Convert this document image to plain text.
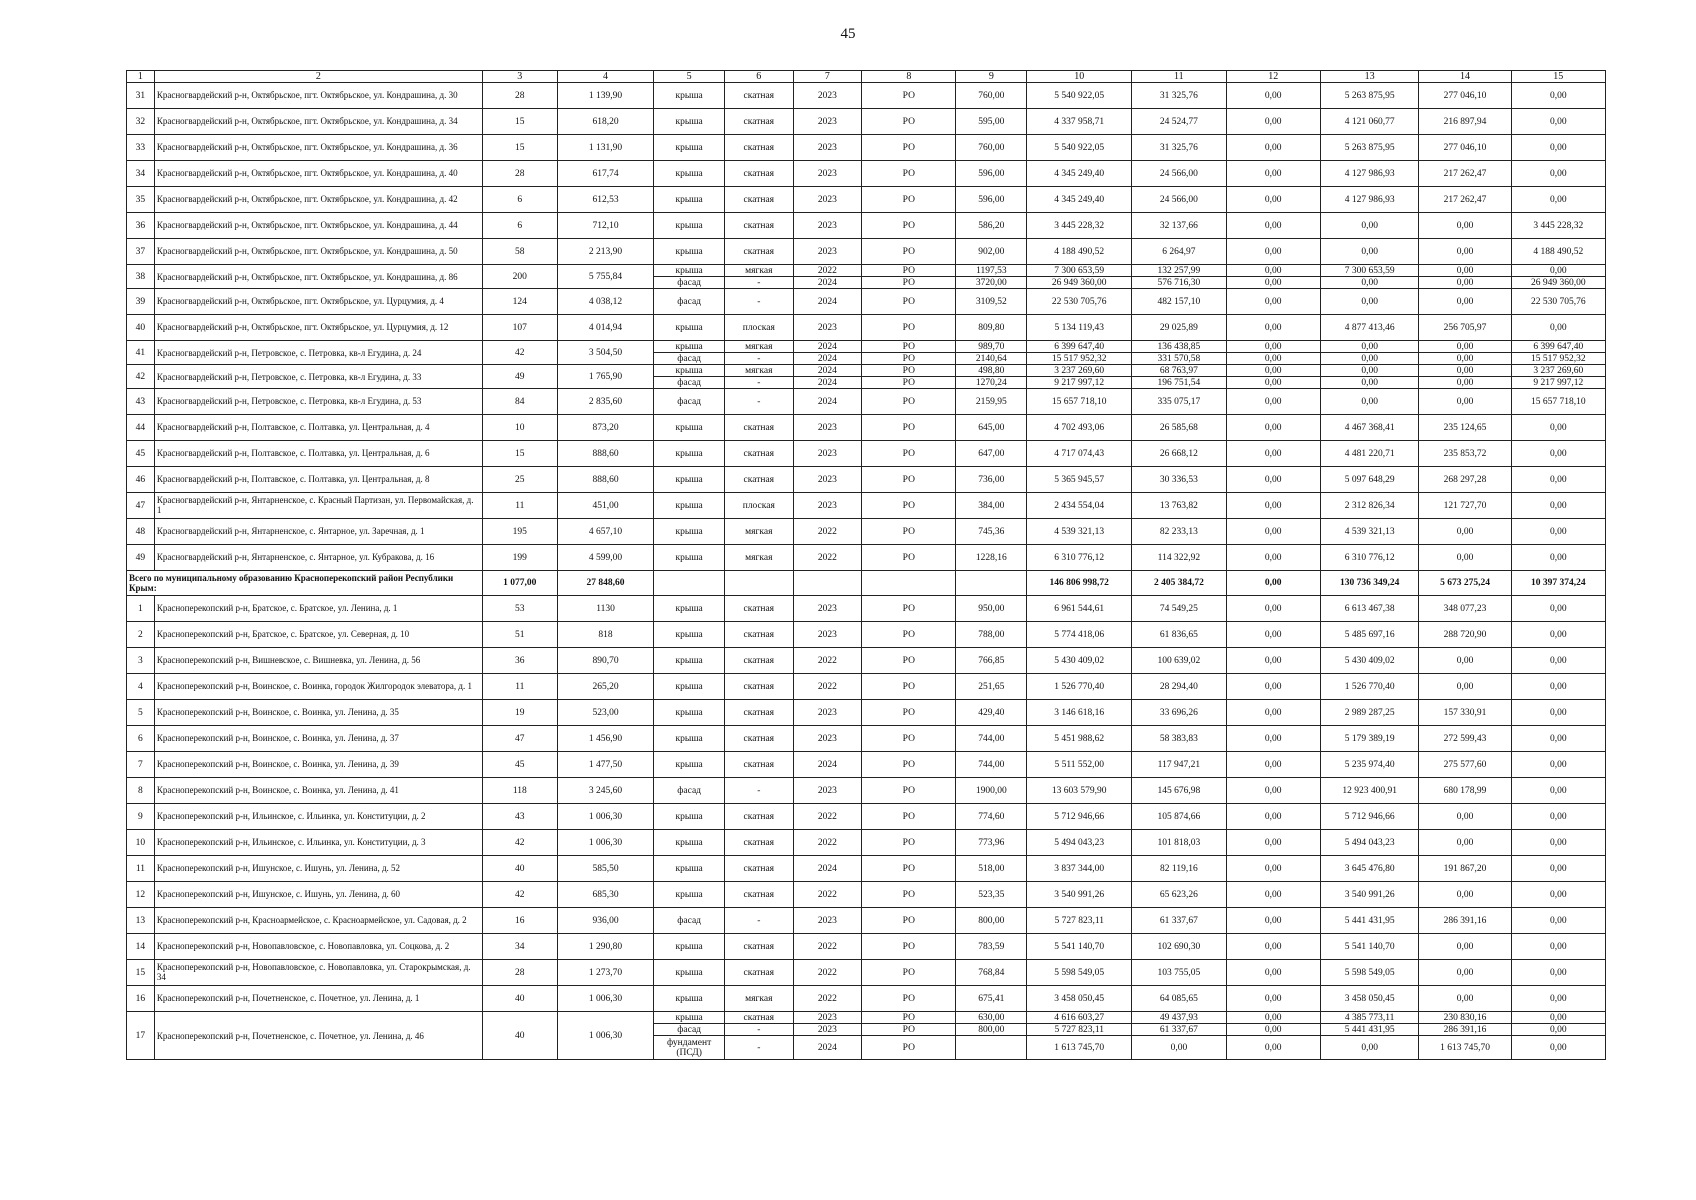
45
1	2	3	4	5	6	7	8	9	10	11	12	13	14	15
31	Красногвардейский р-н, Октябрьское, пгт. Октябрьское, ул. Кондрашина, д. 30	28	1 139,90	крыша	скатная	2023	РО	760,00	5 540 922,05	31 325,76	0,00	5 263 875,95	277 046,10	0,00
32	Красногвардейский р-н, Октябрьское, пгт. Октябрьское, ул. Кондрашина, д. 34	15	618,20	крыша	скатная	2023	РО	595,00	4 337 958,71	24 524,77	0,00	4 121 060,77	216 897,94	0,00
33	Красногвардейский р-н, Октябрьское, пгт. Октябрьское, ул. Кондрашина, д. 36	15	1 131,90	крыша	скатная	2023	РО	760,00	5 540 922,05	31 325,76	0,00	5 263 875,95	277 046,10	0,00
34	Красногвардейский р-н, Октябрьское, пгт. Октябрьское, ул. Кондрашина, д. 40	28	617,74	крыша	скатная	2023	РО	596,00	4 345 249,40	24 566,00	0,00	4 127 986,93	217 262,47	0,00
35	Красногвардейский р-н, Октябрьское, пгт. Октябрьское, ул. Кондрашина, д. 42	6	612,53	крыша	скатная	2023	РО	596,00	4 345 249,40	24 566,00	0,00	4 127 986,93	217 262,47	0,00
36	Красногвардейский р-н, Октябрьское, пгт. Октябрьское, ул. Кондрашина, д. 44	6	712,10	крыша	скатная	2023	РО	586,20	3 445 228,32	32 137,66	0,00	0,00	0,00	3 445 228,32
37	Красногвардейский р-н, Октябрьское, пгт. Октябрьское, ул. Кондрашина, д. 50	58	2 213,90	крыша	скатная	2023	РО	902,00	4 188 490,52	6 264,97	0,00	0,00	0,00	4 188 490,52
38	Красногвардейский р-н, Октябрьское, пгт. Октябрьское, ул. Кондрашина, д. 86	200	5 755,84	крыша	мягкая	2022	РО	1197,53	7 300 653,59	132 257,99	0,00	7 300 653,59	0,00	0,00
				фасад	-	2024	РО	3720,00	26 949 360,00	576 716,30	0,00	0,00	0,00	26 949 360,00
39	Красногвардейский р-н, Октябрьское, пгт. Октябрьское, ул. Цурцумия, д. 4	124	4 038,12	фасад	-	2024	РО	3109,52	22 530 705,76	482 157,10	0,00	0,00	0,00	22 530 705,76
40	Красногвардейский р-н, Октябрьское, пгт. Октябрьское, ул. Цурцумия, д. 12	107	4 014,94	крыша	плоская	2023	РО	809,80	5 134 119,43	29 025,89	0,00	4 877 413,46	256 705,97	0,00
41	Красногвардейский р-н, Петровское, с. Петровка, кв-л Егудина, д. 24	42	3 504,50	крыша	мягкая	2024	РО	989,70	6 399 647,40	136 438,85	0,00	0,00	0,00	6 399 647,40
				фасад	-	2024	РО	2140,64	15 517 952,32	331 570,58	0,00	0,00	0,00	15 517 952,32
42	Красногвардейский р-н, Петровское, с. Петровка, кв-л Егудина, д. 33	49	1 765,90	крыша	мягкая	2024	РО	498,80	3 237 269,60	68 763,97	0,00	0,00	0,00	3 237 269,60
				фасад	-	2024	РО	1270,24	9 217 997,12	196 751,54	0,00	0,00	0,00	9 217 997,12
43	Красногвардейский р-н, Петровское, с. Петровка, кв-л Егудина, д. 53	84	2 835,60	фасад	-	2024	РО	2159,95	15 657 718,10	335 075,17	0,00	0,00	0,00	15 657 718,10
44	Красногвардейский р-н, Полтавское, с. Полтавка, ул. Центральная, д. 4	10	873,20	крыша	скатная	2023	РО	645,00	4 702 493,06	26 585,68	0,00	4 467 368,41	235 124,65	0,00
45	Красногвардейский р-н, Полтавское, с. Полтавка, ул. Центральная, д. 6	15	888,60	крыша	скатная	2023	РО	647,00	4 717 074,43	26 668,12	0,00	4 481 220,71	235 853,72	0,00
46	Красногвардейский р-н, Полтавское, с. Полтавка, ул. Центральная, д. 8	25	888,60	крыша	скатная	2023	РО	736,00	5 365 945,57	30 336,53	0,00	5 097 648,29	268 297,28	0,00
47	Красногвардейский р-н, Янтарненское, с. Красный Партизан, ул. Первомайская, д. 1	11	451,00	крыша	плоская	2023	РО	384,00	2 434 554,04	13 763,82	0,00	2 312 826,34	121 727,70	0,00
48	Красногвардейский р-н, Янтарненское, с. Янтарное, ул. Заречная, д. 1	195	4 657,10	крыша	мягкая	2022	РО	745,36	4 539 321,13	82 233,13	0,00	4 539 321,13	0,00	0,00
49	Красногвардейский р-н, Янтарненское, с. Янтарное, ул. Кубракова, д. 16	199	4 599,00	крыша	мягкая	2022	РО	1228,16	6 310 776,12	114 322,92	0,00	6 310 776,12	0,00	0,00
Всего по муниципальному образованию Красноперекопский район Республики Крым:		1 077,00	27 848,60						146 806 998,72	2 405 384,72	0,00	130 736 349,24	5 673 275,24	10 397 374,24
1	Красноперекопский р-н, Братское, с. Братское, ул. Ленина, д. 1	53	1130	крыша	скатная	2023	РО	950,00	6 961 544,61	74 549,25	0,00	6 613 467,38	348 077,23	0,00
2	Красноперекопский р-н, Братское, с. Братское, ул. Северная, д. 10	51	818	крыша	скатная	2023	РО	788,00	5 774 418,06	61 836,65	0,00	5 485 697,16	288 720,90	0,00
3	Красноперекопский р-н, Вишневское, с. Вишневка, ул. Ленина, д. 56	36	890,70	крыша	скатная	2022	РО	766,85	5 430 409,02	100 639,02	0,00	5 430 409,02	0,00	0,00
4	Красноперекопский р-н, Воинское, с. Воинка, городок Жилгородок элеватора, д. 1	11	265,20	крыша	скатная	2022	РО	251,65	1 526 770,40	28 294,40	0,00	1 526 770,40	0,00	0,00
5	Красноперекопский р-н, Воинское, с. Воинка, ул. Ленина, д. 35	19	523,00	крыша	скатная	2023	РО	429,40	3 146 618,16	33 696,26	0,00	2 989 287,25	157 330,91	0,00
6	Красноперекопский р-н, Воинское, с. Воинка, ул. Ленина, д. 37	47	1 456,90	крыша	скатная	2023	РО	744,00	5 451 988,62	58 383,83	0,00	5 179 389,19	272 599,43	0,00
7	Красноперекопский р-н, Воинское, с. Воинка, ул. Ленина, д. 39	45	1 477,50	крыша	скатная	2024	РО	744,00	5 511 552,00	117 947,21	0,00	5 235 974,40	275 577,60	0,00
8	Красноперекопский р-н, Воинское, с. Воинка, ул. Ленина, д. 41	118	3 245,60	фасад	-	2023	РО	1900,00	13 603 579,90	145 676,98	0,00	12 923 400,91	680 178,99	0,00
9	Красноперекопский р-н, Ильинское, с. Ильинка, ул. Конституции, д. 2	43	1 006,30	крыша	скатная	2022	РО	774,60	5 712 946,66	105 874,66	0,00	5 712 946,66	0,00	0,00
10	Красноперекопский р-н, Ильинское, с. Ильинка, ул. Конституции, д. 3	42	1 006,30	крыша	скатная	2022	РО	773,96	5 494 043,23	101 818,03	0,00	5 494 043,23	0,00	0,00
11	Красноперекопский р-н, Ишунское, с. Ишунь, ул. Ленина, д. 52	40	585,50	крыша	скатная	2024	РО	518,00	3 837 344,00	82 119,16	0,00	3 645 476,80	191 867,20	0,00
12	Красноперекопский р-н, Ишунское, с. Ишунь, ул. Ленина, д. 60	42	685,30	крыша	скатная	2022	РО	523,35	3 540 991,26	65 623,26	0,00	3 540 991,26	0,00	0,00
13	Красноперекопский р-н, Красноармейское, с. Красноармейское, ул. Садовая, д. 2	16	936,00	фасад	-	2023	РО	800,00	5 727 823,11	61 337,67	0,00	5 441 431,95	286 391,16	0,00
14	Красноперекопский р-н, Новопавловское, с. Новопавловка, ул. Соцкова, д. 2	34	1 290,80	крыша	скатная	2022	РО	783,59	5 541 140,70	102 690,30	0,00	5 541 140,70	0,00	0,00
15	Красноперекопский р-н, Новопавловское, с. Новопавловка, ул. Старокрымская, д. 34	28	1 273,70	крыша	скатная	2022	РО	768,84	5 598 549,05	103 755,05	0,00	5 598 549,05	0,00	0,00
16	Красноперекопский р-н, Почетненское, с. Почетное, ул. Ленина, д. 1	40	1 006,30	крыша	мягкая	2022	РО	675,41	3 458 050,45	64 085,65	0,00	3 458 050,45	0,00	0,00
17	Красноперекопский р-н, Почетненское, с. Почетное, ул. Ленина, д. 46	40	1 006,30	крыша	скатная	2023	РО	630,00	4 616 603,27	49 437,93	0,00	4 385 773,11	230 830,16	0,00
				фасад	-	2023	РО	800,00	5 727 823,11	61 337,67	0,00	5 441 431,95	286 391,16	0,00
				фундамент (ПСД)	-	2024	РО		1 613 745,70	0,00	0,00	0,00	1 613 745,70	0,00
